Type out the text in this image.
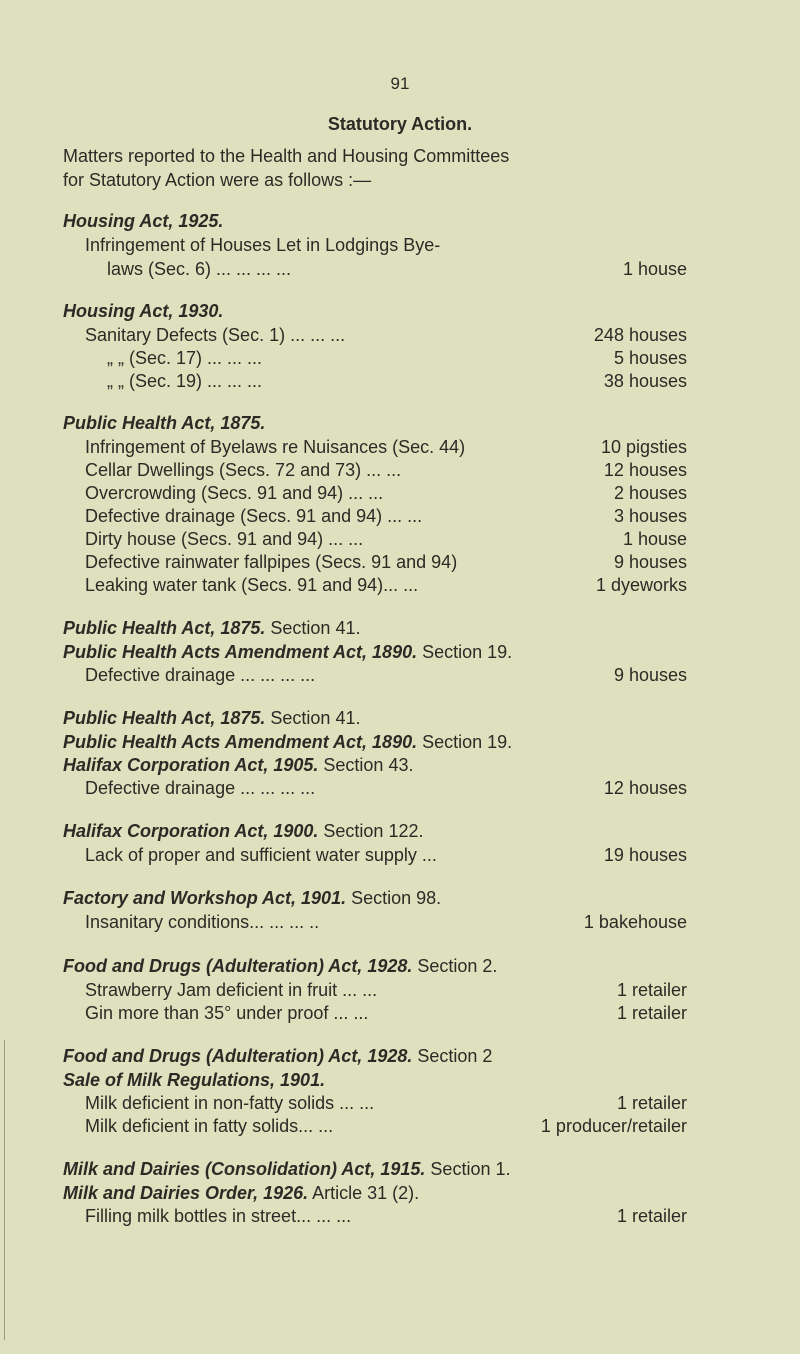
91
Statutory Action.
Matters reported to the Health and Housing Committees
for Statutory Action were as follows :—
Housing Act, 1925.
Infringement of Houses Let in Lodgings Bye-
laws (Sec. 6) ... ... ... ...	1 house
Housing Act, 1930.
Sanitary Defects (Sec. 1) ... ... ...	248 houses
„ „ (Sec. 17) ... ... ...	5 houses
„ „ (Sec. 19) ... ... ...	38 houses
Public Health Act, 1875.
Infringement of Byelaws re Nuisances (Sec. 44)	10 pigsties
Cellar Dwellings (Secs. 72 and 73) ... ...	12 houses
Overcrowding (Secs. 91 and 94) ... ...	2 houses
Defective drainage (Secs. 91 and 94) ... ...	3 houses
Dirty house (Secs. 91 and 94) ... ...	1 house
Defective rainwater fallpipes (Secs. 91 and 94)	9 houses
Leaking water tank (Secs. 91 and 94)... ...	1 dyeworks
Public Health Act, 1875. Section 41.
Public Health Acts Amendment Act, 1890. Section 19.
Defective drainage ... ... ... ...	9 houses
Public Health Act, 1875. Section 41.
Public Health Acts Amendment Act, 1890. Section 19.
Halifax Corporation Act, 1905. Section 43.
Defective drainage ... ... ... ...	12 houses
Halifax Corporation Act, 1900. Section 122.
Lack of proper and sufficient water supply ...	19 houses
Factory and Workshop Act, 1901. Section 98.
Insanitary conditions... ... ... ..	1 bakehouse
Food and Drugs (Adulteration) Act, 1928. Section 2.
Strawberry Jam deficient in fruit ... ...	1 retailer
Gin more than 35° under proof ... ...	1 retailer
Food and Drugs (Adulteration) Act, 1928. Section 2
Sale of Milk Regulations, 1901.
Milk deficient in non-fatty solids ... ...	1 retailer
Milk deficient in fatty solids... ...	1 producer/retailer
Milk and Dairies (Consolidation) Act, 1915. Section 1.
Milk and Dairies Order, 1926. Article 31 (2).
Filling milk bottles in street... ... ...	1 retailer
